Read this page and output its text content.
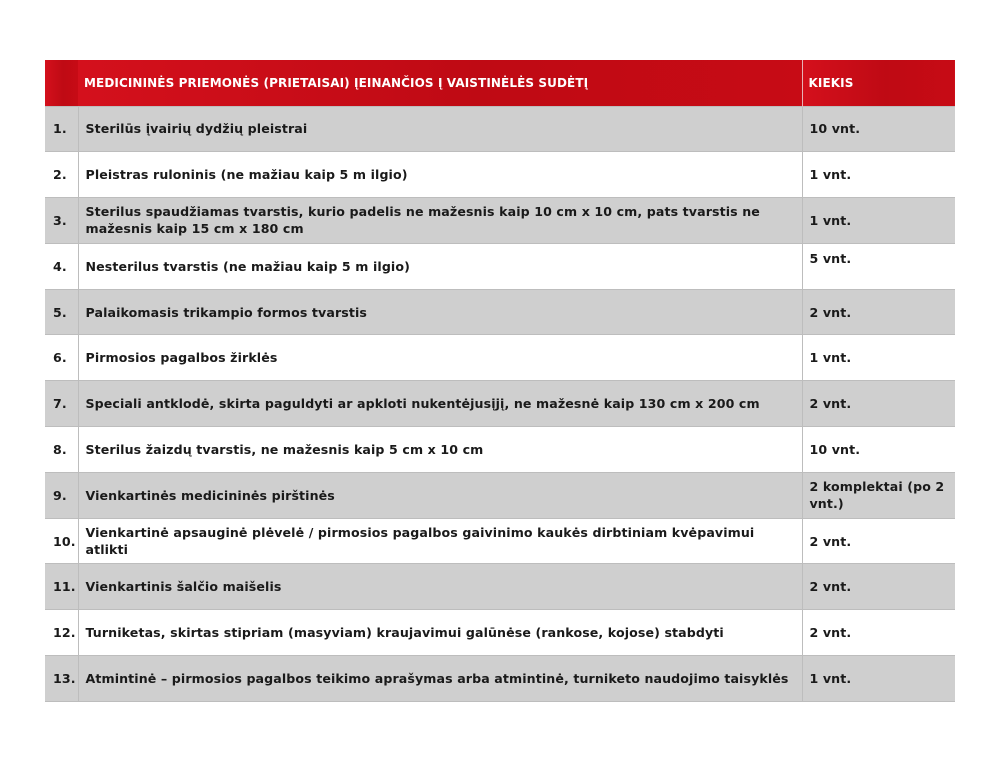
	MEDICININĖS PRIEMONĖS (PRIETAISAI) ĮEINANČIOS Į VAISTINĖLĖS SUDĖTĮ	KIEKIS
1.	Sterilūs įvairių dydžių pleistrai	10 vnt.
2.	Pleistras ruloninis (ne mažiau kaip 5 m ilgio)	1 vnt.
3.	Sterilus spaudžiamas tvarstis, kurio padelis ne mažesnis kaip 10 cm x 10 cm, pats tvarstis ne mažesnis kaip 15 cm x 180 cm	1 vnt.
4.	Nesterilus tvarstis (ne mažiau kaip 5 m ilgio)	5 vnt.
5.	Palaikomasis trikampio formos tvarstis	2 vnt.
6.	Pirmosios pagalbos žirklės	1 vnt.
7.	Speciali antklodė, skirta paguldyti ar apkloti nukentėjusįjį, ne mažesnė kaip 130 cm x 200 cm	2 vnt.
8.	Sterilus žaizdų tvarstis, ne mažesnis kaip 5 cm x 10 cm	10 vnt.
9.	Vienkartinės medicininės pirštinės	2 komplektai (po 2 vnt.)
10.	Vienkartinė apsauginė plėvelė / pirmosios pagalbos gaivinimo kaukės dirbtiniam kvėpavimui atlikti	2 vnt.
11.	Vienkartinis šalčio maišelis	2 vnt.
12.	Turniketas, skirtas stipriam (masyviam) kraujavimui galūnėse (rankose, kojose) stabdyti	2 vnt.
13.	Atmintinė – pirmosios pagalbos teikimo aprašymas arba atmintinė, turniketo naudojimo taisyklės	1 vnt.
